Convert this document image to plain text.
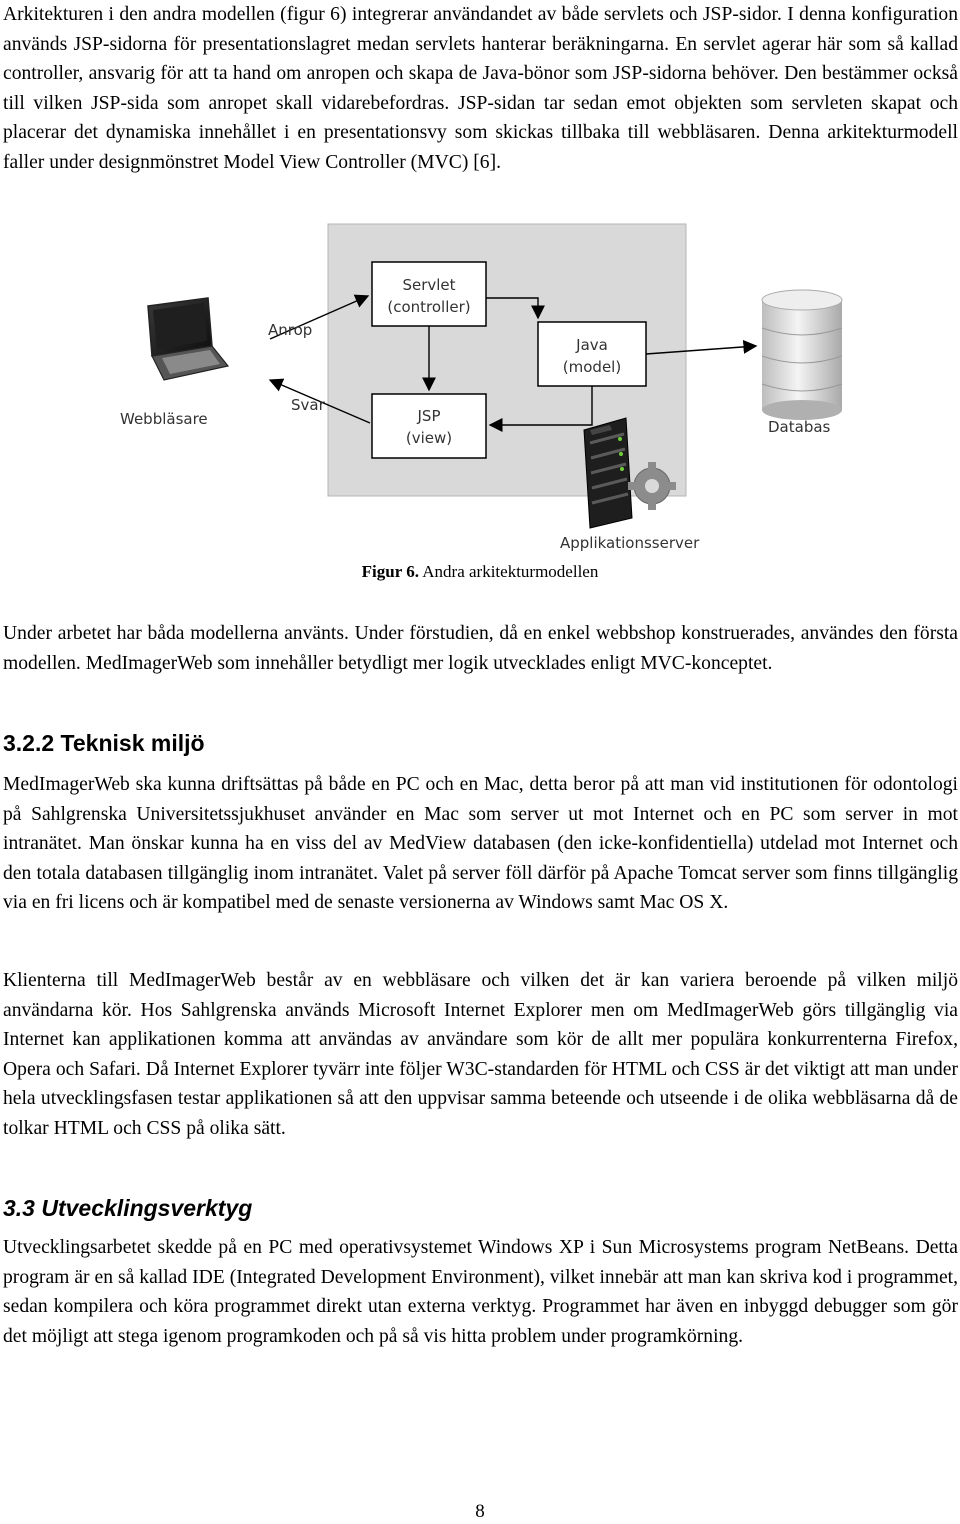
Arkitekturen i den andra modellen (figur 6) integrerar användandet av både servlets och JSP-sidor. I denna konfiguration används JSP-sidorna för presentationslagret medan servlets hanterar beräkningarna. En servlet agerar här som så kallad controller, ansvarig för att ta hand om anropen och skapa de Java-bönor som JSP-sidorna behöver. Den bestämmer också till vilken JSP-sida som anropet skall vidarebefordras. JSP-sidan tar sedan emot objekten som servleten skapat och placerar det dynamiska innehållet i en presentationsvy som skickas tillbaka till webbläsaren. Denna arkitekturmodell faller under designmönstret Model View Controller (MVC) [6].

Servlet
(controller)
Java
(model)
JSP
(view)
Anrop
Svar
Webbläsare	Databas
Applikationsserver
Figur 6. Andra arkitekturmodellen

Under arbetet har båda modellerna använts. Under förstudien, då en enkel webbshop konstruerades, användes den första modellen. MedImagerWeb som innehåller betydligt mer logik utvecklades enligt MVC-konceptet.

3.2.2 Teknisk miljö

MedImagerWeb ska kunna driftsättas på både en PC och en Mac, detta beror på att man vid institutionen för odontologi på Sahlgrenska Universitetssjukhuset använder en Mac som server ut mot Internet och en PC som server in mot intranätet. Man önskar kunna ha en viss del av MedView databasen (den icke-konfidentiella) utdelad mot Internet och den totala databasen tillgänglig inom intranätet. Valet på server föll därför på Apache Tomcat server som finns tillgänglig via en fri licens och är kompatibel med de senaste versionerna av Windows samt Mac OS X.

Klienterna till MedImagerWeb består av en webbläsare och vilken det är kan variera beroende på vilken miljö användarna kör. Hos Sahlgrenska används Microsoft Internet Explorer men om MedImagerWeb görs tillgänglig via Internet kan applikationen komma att användas av användare som kör de allt mer populära konkurrenterna Firefox, Opera och Safari. Då Internet Explorer tyvärr inte följer W3C-standarden för HTML och CSS är det viktigt att man under hela utvecklingsfasen testar applikationen så att den uppvisar samma beteende och utseende i de olika webbläsarna då de tolkar HTML och CSS på olika sätt.

3.3 Utvecklingsverktyg

Utvecklingsarbetet skedde på en PC med operativsystemet Windows XP i Sun Microsystems program NetBeans. Detta program är en så kallad IDE (Integrated Development Environment), vilket innebär att man kan skriva kod i programmet, sedan kompilera och köra programmet direkt utan externa verktyg. Programmet har även en inbyggd debugger som gör det möjligt att stega igenom programkoden och på så vis hitta problem under programkörning.

8
